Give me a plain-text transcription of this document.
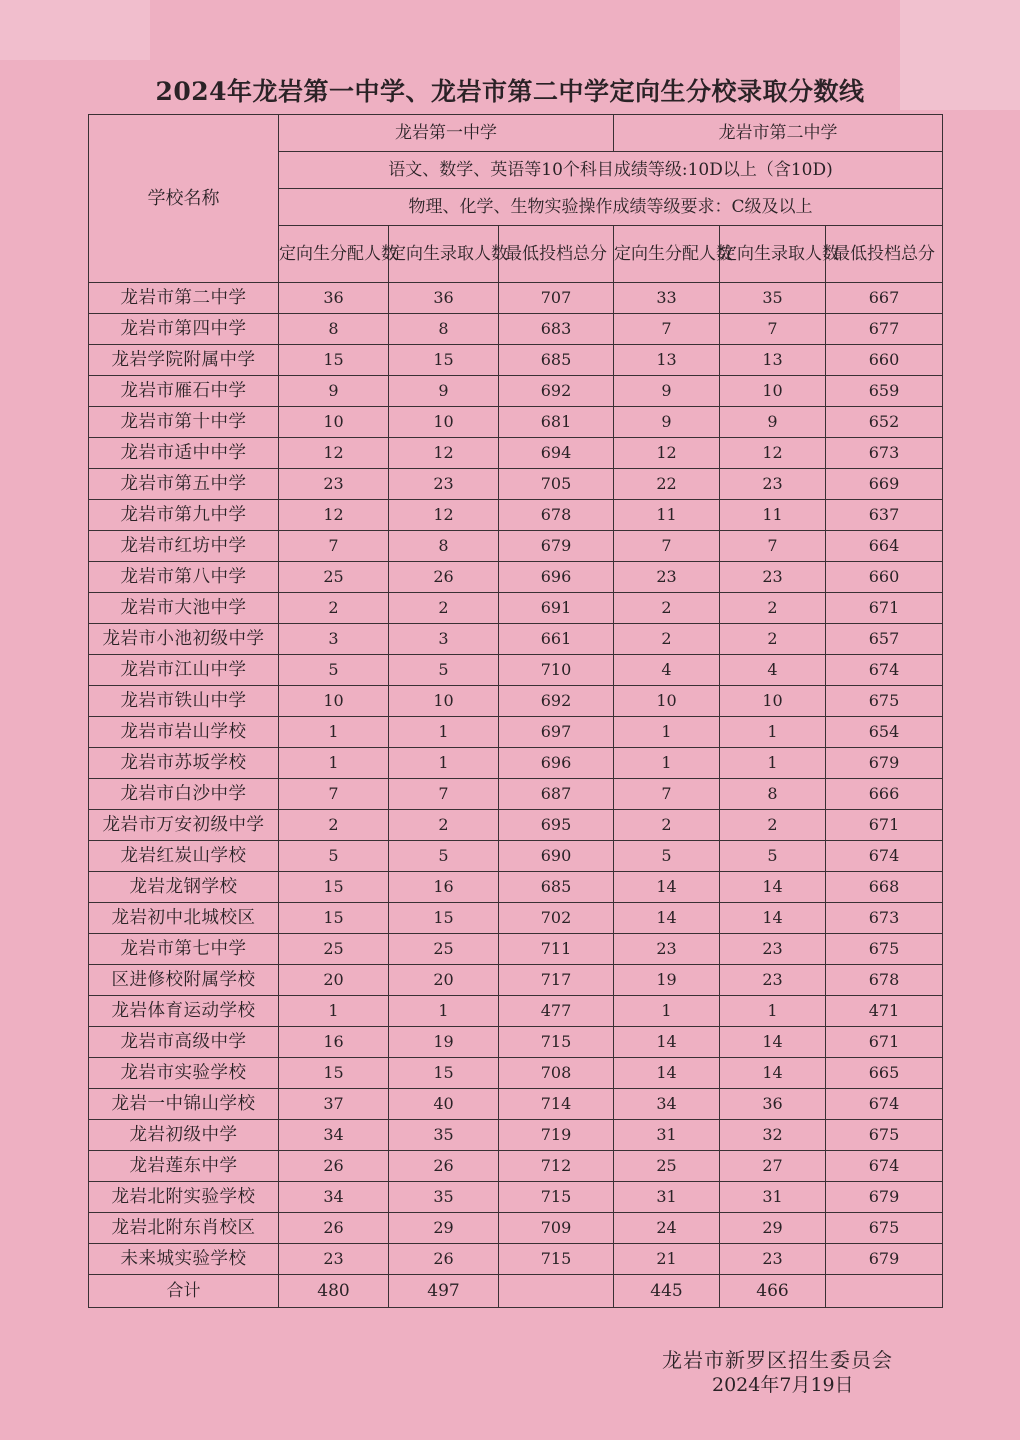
2024年龙岩第一中学、龙岩市第二中学定向生分校录取分数线
学校名称	龙岩第一中学			龙岩市第二中学		
	语文、数学、英语等10个科目成绩等级:10D以上（含10D)					
	物理、化学、生物实验操作成绩等级要求：C级及以上					
	定向生分配人数	定向生录取人数	最低投档总分	定向生分配人数	定向生录取人数	最低投档总分
龙岩市第二中学	36	36	707	33	35	667
龙岩市第四中学	8	8	683	7	7	677
龙岩学院附属中学	15	15	685	13	13	660
龙岩市雁石中学	9	9	692	9	10	659
龙岩市第十中学	10	10	681	9	9	652
龙岩市适中中学	12	12	694	12	12	673
龙岩市第五中学	23	23	705	22	23	669
龙岩市第九中学	12	12	678	11	11	637
龙岩市红坊中学	7	8	679	7	7	664
龙岩市第八中学	25	26	696	23	23	660
龙岩市大池中学	2	2	691	2	2	671
龙岩市小池初级中学	3	3	661	2	2	657
龙岩市江山中学	5	5	710	4	4	674
龙岩市铁山中学	10	10	692	10	10	675
龙岩市岩山学校	1	1	697	1	1	654
龙岩市苏坂学校	1	1	696	1	1	679
龙岩市白沙中学	7	7	687	7	8	666
龙岩市万安初级中学	2	2	695	2	2	671
龙岩红炭山学校	5	5	690	5	5	674
龙岩龙钢学校	15	16	685	14	14	668
龙岩初中北城校区	15	15	702	14	14	673
龙岩市第七中学	25	25	711	23	23	675
区进修校附属学校	20	20	717	19	23	678
龙岩体育运动学校	1	1	477	1	1	471
龙岩市高级中学	16	19	715	14	14	671
龙岩市实验学校	15	15	708	14	14	665
龙岩一中锦山学校	37	40	714	34	36	674
龙岩初级中学	34	35	719	31	32	675
龙岩莲东中学	26	26	712	25	27	674
龙岩北附实验学校	34	35	715	31	31	679
龙岩北附东肖校区	26	29	709	24	29	675
未来城实验学校	23	26	715	21	23	679
合计	480	497		445	466	
龙岩市新罗区招生委员会
2024年7月19日
